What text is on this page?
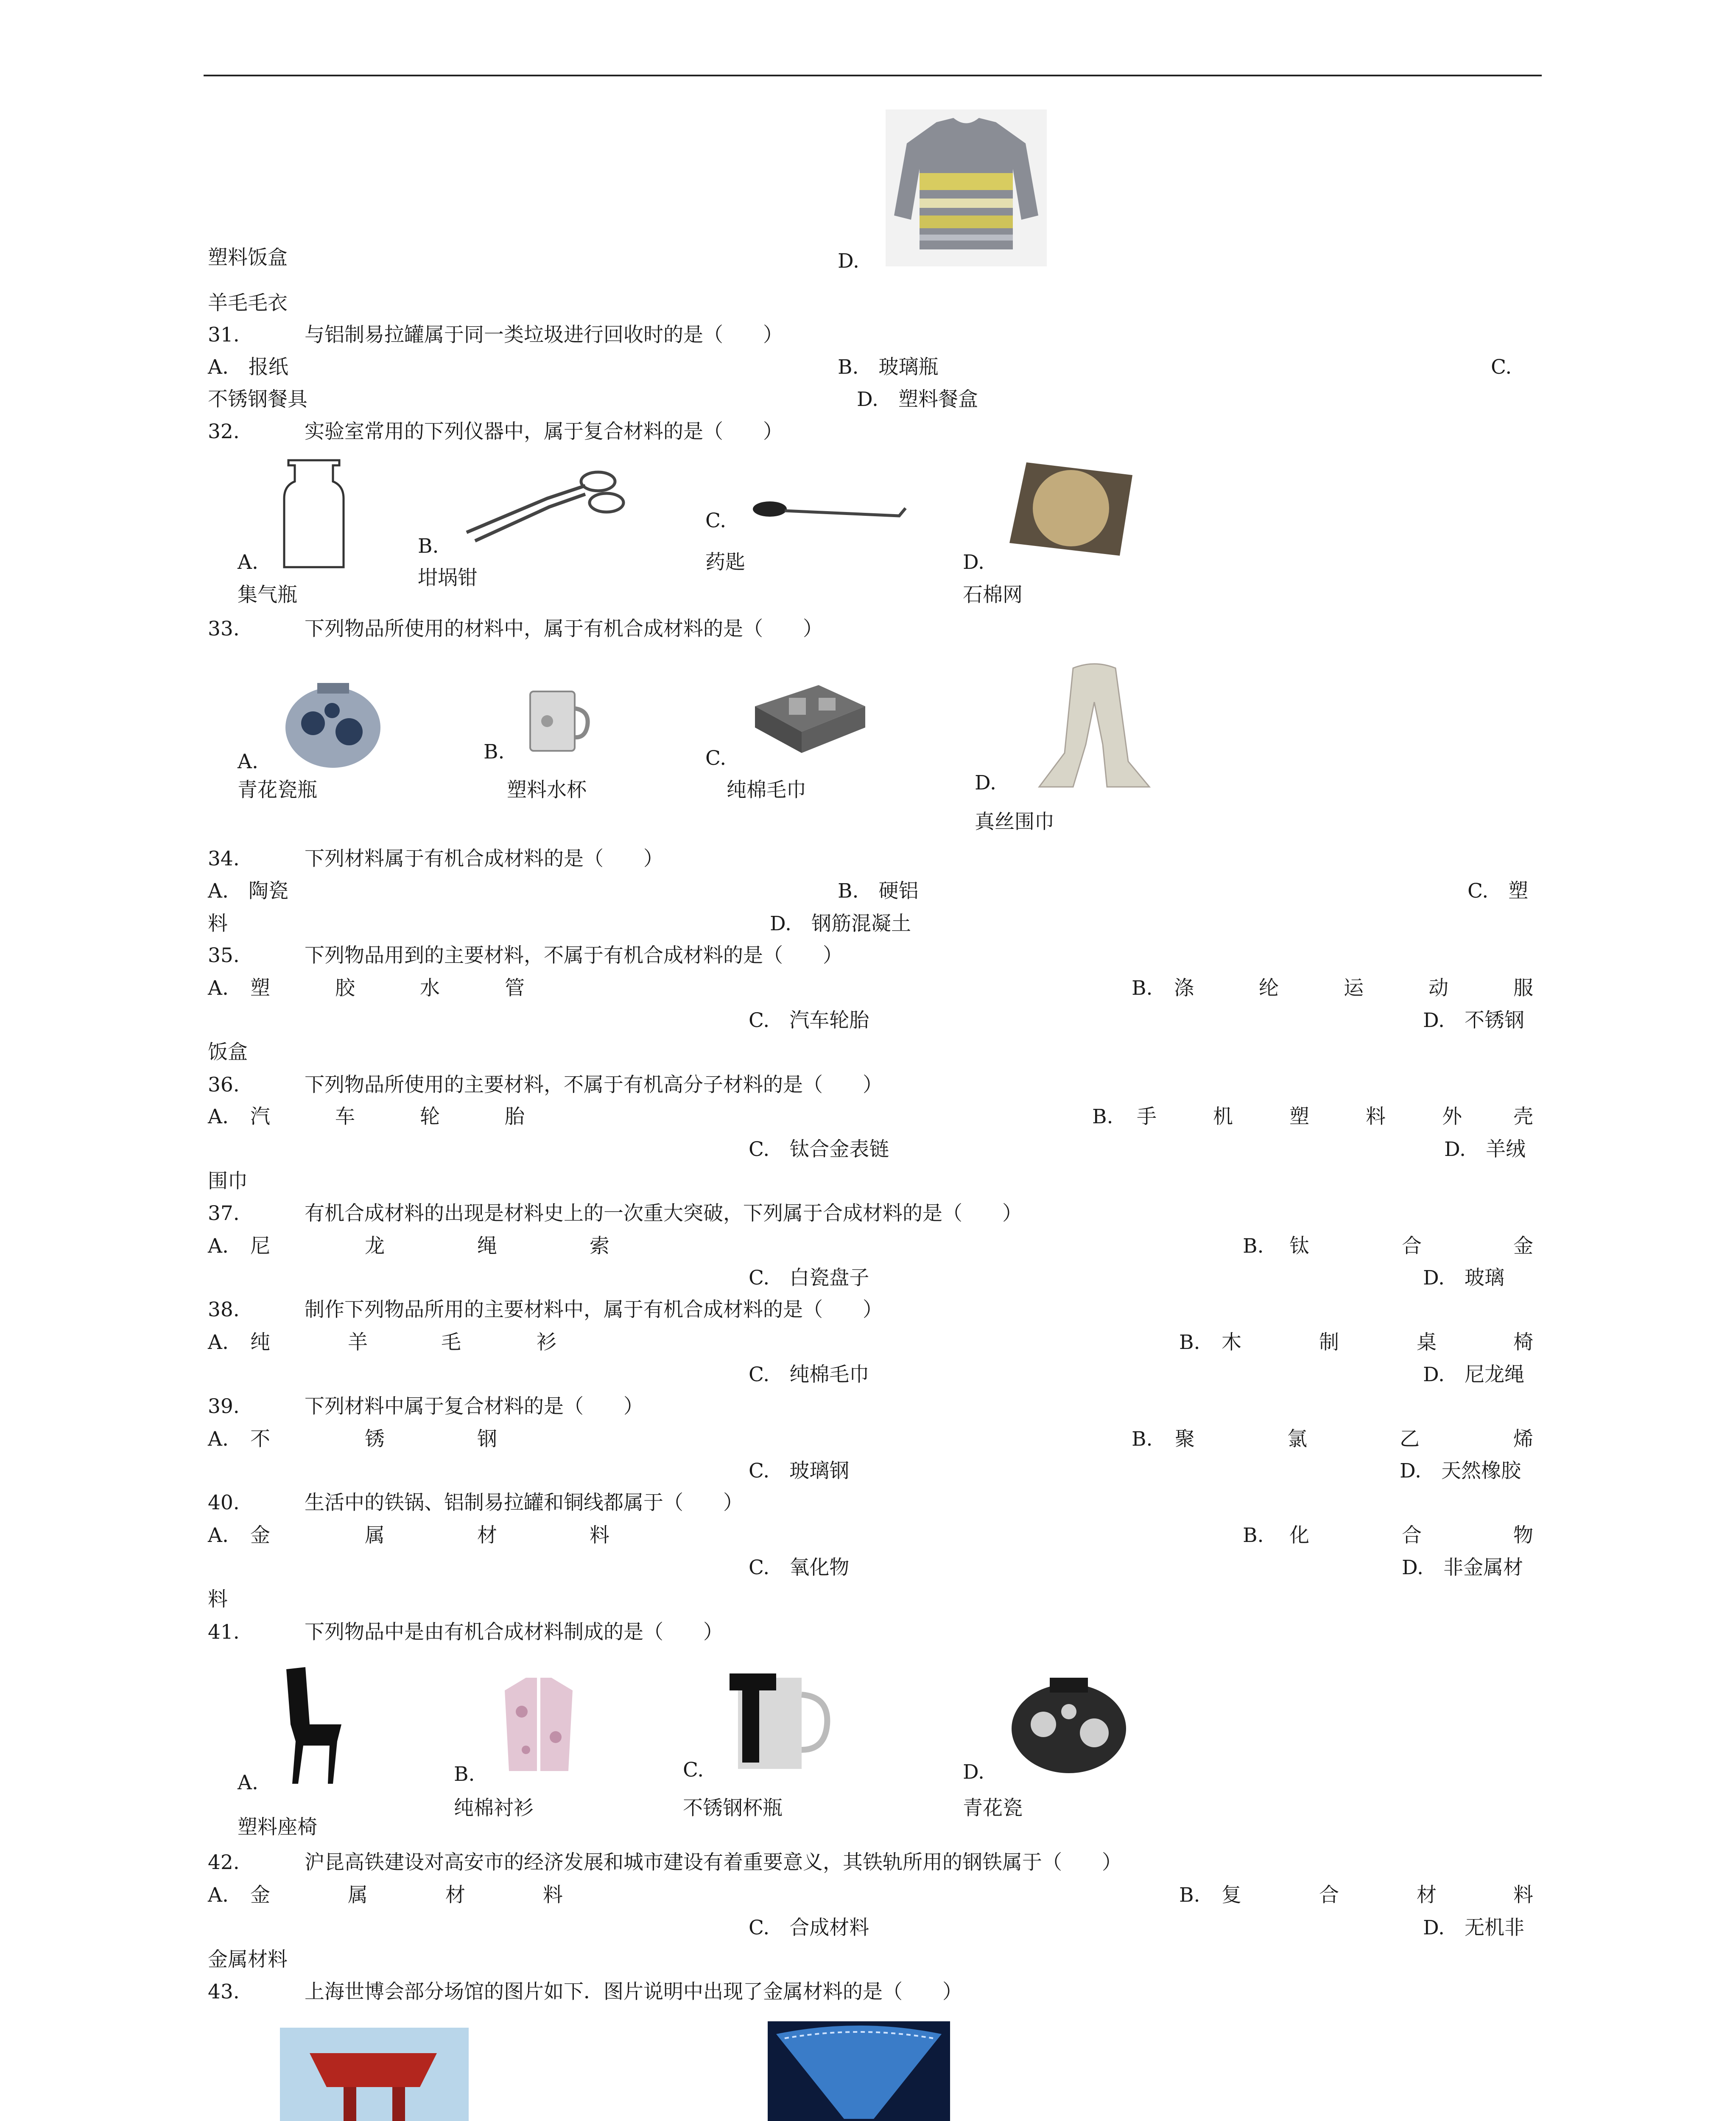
塑料饭盒	D.
羊毛毛衣
31.	与铝制易拉罐属于同一类垃圾进行回收时的是（　　）
A.　报纸	B.　玻璃瓶	C.
不锈钢餐具	D.　塑料餐盒
32.	实验室常用的下列仪器中，属于复合材料的是（　　）
A.
集气瓶
B.
坩埚钳
C.
药匙	D.
石棉网
33.	下列物品所使用的材料中，属于有机合成材料的是（　　）
A.
青花瓷瓶
B.
塑料水杯
C.
纯棉毛巾	D.
真丝围巾
34.	下列材料属于有机合成材料的是（　　）
A.　陶瓷	B.　硬铝	C.　塑
料	D.　钢筋混凝土
35.	下列物品用到的主要材料，不属于有机合成材料的是（　　）
A. 塑	胶	水	管	B. 涤	纶	运	动	服
C.　汽车轮胎	D.　不锈钢
饭盒
36.	下列物品所使用的主要材料，不属于有机高分子材料的是（　　）
A. 汽	车	轮	胎	B. 手	机	塑	料	外	壳
C.　钛合金表链	D.　羊绒
围巾
37.	有机合成材料的出现是材料史上的一次重大突破，下列属于合成材料的是（　　）
A. 尼	龙	绳	索	B. 钛	合	金
C.　白瓷盘子	D.　玻璃
38.	制作下列物品所用的主要材料中，属于有机合成材料的是（　　）
A. 纯	羊	毛	衫	B. 木	制	桌	椅
C.　纯棉毛巾	D.　尼龙绳
39.	下列材料中属于复合材料的是（　　）
A. 不	锈	钢	B. 聚	氯	乙	烯
C.　玻璃钢	D.　天然橡胶
40.	生活中的铁锅、铝制易拉罐和铜线都属于（　　）
A. 金	属	材	料	B. 化	合	物
C.　氧化物	D.　非金属材
料
41.	下列物品中是由有机合成材料制成的是（　　）
A.
塑料座椅
B.
纯棉衬衫
C.
不锈钢杯瓶
D.
青花瓷
42.	沪昆高铁建设对高安市的经济发展和城市建设有着重要意义，其铁轨所用的钢铁属于（　　）
A. 金	属	材	料	B. 复	合	材	料
C.　合成材料	D.　无机非
金属材料
43.	上海世博会部分场馆的图片如下．图片说明中出现了金属材料的是（　　）
